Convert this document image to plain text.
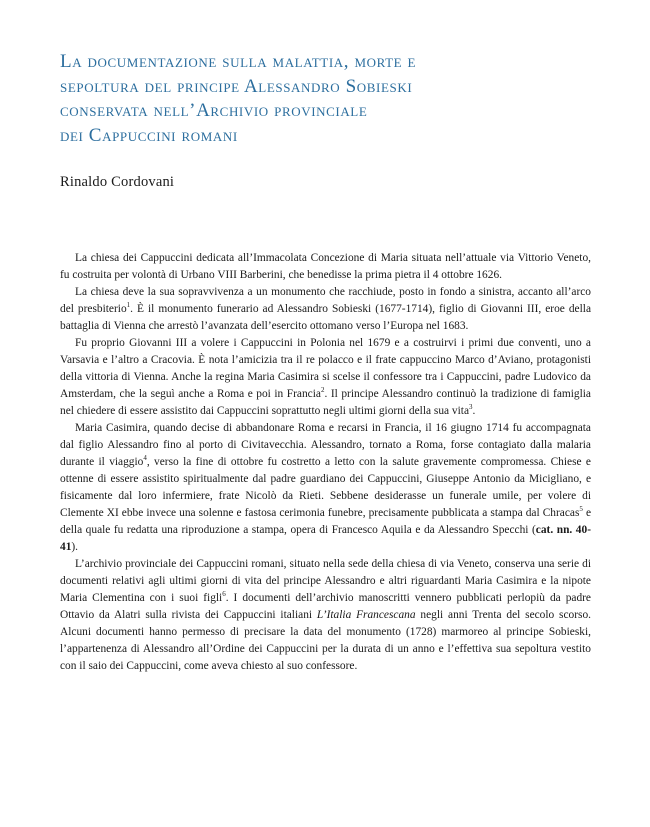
La documentazione sulla malattia, morte e
sepoltura del principe Alessandro Sobieski
conservata nell’Archivio provinciale
dei Cappuccini romani
Rinaldo Cordovani

La chiesa dei Cappuccini dedicata all’Immacolata Concezione di Maria situata nell’attuale via Vittorio Veneto, fu costruita per volontà di Urbano VIII Barberini, che benedisse la prima pietra il 4 ottobre 1626.

La chiesa deve la sua sopravvivenza a un monumento che racchiude, posto in fondo a sinistra, accanto all’arco del presbiterio$^1$. È il monumento funerario ad Alessandro Sobieski (1677-1714), figlio di Giovanni III, eroe della battaglia di Vienna che arrestò l’avanzata dell’esercito ottomano verso l’Europa nel 1683.

Fu proprio Giovanni III a volere i Cappuccini in Polonia nel 1679 e a costruirvi i primi due conventi, uno a Varsavia e l’altro a Cracovia. È nota l’amicizia tra il re polacco e il frate cappuccino Marco d’Aviano, protagonisti della vittoria di Vienna. Anche la regina Maria Casimira si scelse il confessore tra i Cappuccini, padre Ludovico da Amsterdam, che la seguì anche a Roma e poi in Francia$^2$. Il principe Alessandro continuò la tradizione di famiglia nel chiedere di essere assistito dai Cappuccini soprattutto negli ultimi giorni della sua vita$^3$.

Maria Casimira, quando decise di abbandonare Roma e recarsi in Francia, il 16 giugno 1714 fu accompagnata dal figlio Alessandro fino al porto di Civitavecchia. Alessandro, tornato a Roma, forse contagiato dalla malaria durante il viaggio$^4$, verso la fine di ottobre fu costretto a letto con la salute gravemente compromessa. Chiese e ottenne di essere assistito spiritualmente dal padre guardiano dei Cappuccini, Giuseppe Antonio da Micigliano, e fisicamente dal loro infermiere, frate Nicolò da Rieti. Sebbene desiderasse un funerale umile, per volere di Clemente XI ebbe invece una solenne e fastosa cerimonia funebre, precisamente pubblicata a stampa dal Chracas$^5$ e della quale fu redatta una riproduzione a stampa, opera di Francesco Aquila e da Alessandro Specchi (cat. nn. 40-41).

L’archivio provinciale dei Cappuccini romani, situato nella sede della chiesa di via Veneto, conserva una serie di documenti relativi agli ultimi giorni di vita del principe Alessandro e altri riguardanti Maria Casimira e la nipote Maria Clementina con i suoi figli$^6$. I documenti dell’archivio manoscritti vennero pubblicati perlopiù da padre Ottavio da Alatri sulla rivista dei Cappuccini italiani L’Italia Francescana negli anni Trenta del secolo scorso. Alcuni documenti hanno permesso di precisare la data del monumento (1728) marmoreo al principe Sobieski, l’appartenenza di Alessandro all’Ordine dei Cappuccini per la durata di un anno e l’effettiva sua sepoltura vestito con il saio dei Cappuccini, come aveva chiesto al suo confessore.
